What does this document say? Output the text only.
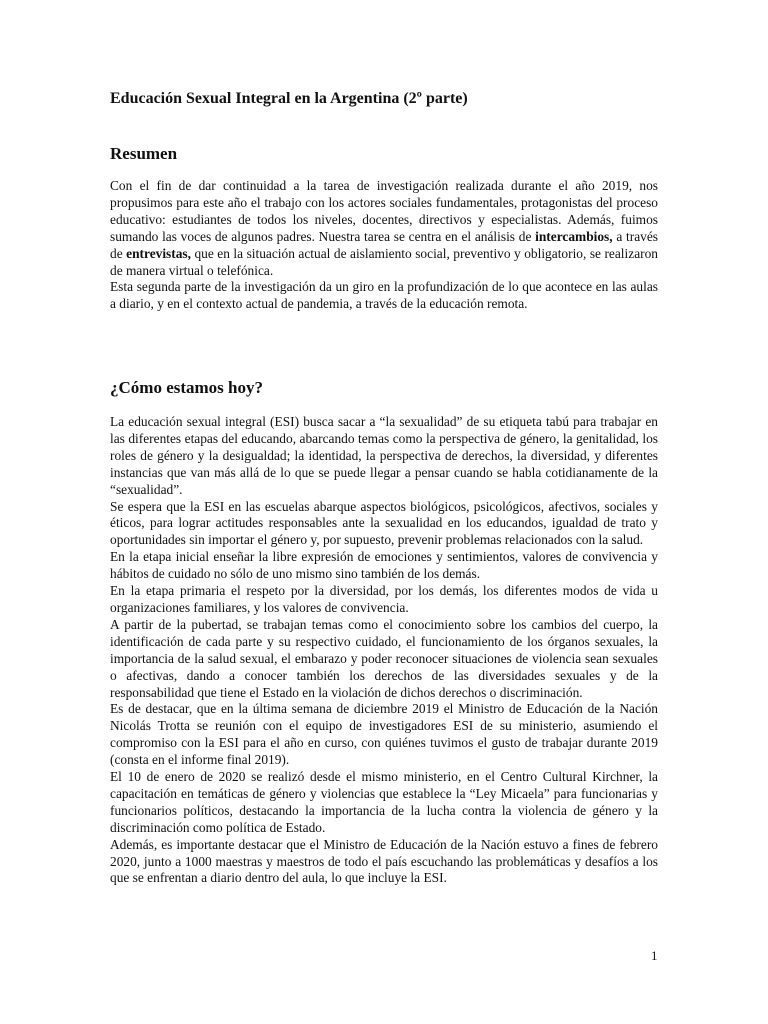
Educación Sexual Integral en la Argentina (2º parte)
Resumen

Con el fin de dar continuidad a la tarea de investigación realizada durante el año 2019, nos propusimos para este año el trabajo con los actores sociales fundamentales, protagonistas del proceso educativo: estudiantes de todos los niveles, docentes, directivos y especialistas. Además, fuimos sumando las voces de algunos padres. Nuestra tarea se centra en el análisis de intercambios, a través de entrevistas, que en la situación actual de aislamiento social, preventivo y obligatorio, se realizaron de manera virtual o telefónica.

Esta segunda parte de la investigación da un giro en la profundización de lo que acontece en las aulas a diario, y en el contexto actual de pandemia, a través de la educación remota.

¿Cómo estamos hoy?

La educación sexual integral (ESI) busca sacar a “la sexualidad” de su etiqueta tabú para trabajar en las diferentes etapas del educando, abarcando temas como la perspectiva de género, la genitalidad, los roles de género y la desigualdad; la identidad, la perspectiva de derechos, la diversidad, y diferentes instancias que van más allá de lo que se puede llegar a pensar cuando se habla cotidianamente de la “sexualidad”.

Se espera que la ESI en las escuelas abarque aspectos biológicos, psicológicos, afectivos, sociales y éticos, para lograr actitudes responsables ante la sexualidad en los educandos, igualdad de trato y oportunidades sin importar el género y, por supuesto, prevenir problemas relacionados con la salud.

En la etapa inicial enseñar la libre expresión de emociones y sentimientos, valores de convivencia y hábitos de cuidado no sólo de uno mismo sino también de los demás.

En la etapa primaria el respeto por la diversidad, por los demás, los diferentes modos de vida u organizaciones familiares, y los valores de convivencia.

A partir de la pubertad, se trabajan temas como el conocimiento sobre los cambios del cuerpo, la identificación de cada parte y su respectivo cuidado, el funcionamiento de los órganos sexuales, la importancia de la salud sexual, el embarazo y poder reconocer situaciones de violencia sean sexuales o afectivas, dando a conocer también los derechos de las diversidades sexuales y de la responsabilidad que tiene el Estado en la violación de dichos derechos o discriminación.

Es de destacar, que en la última semana de diciembre 2019 el Ministro de Educación de la Nación Nicolás Trotta se reunión con el equipo de investigadores ESI de su ministerio, asumiendo el compromiso con la ESI para el año en curso, con quiénes tuvimos el gusto de trabajar durante 2019 (consta en el informe final 2019).

El 10 de enero de 2020 se realizó desde el mismo ministerio, en el Centro Cultural Kirchner, la capacitación en temáticas de género y violencias que establece la “Ley Micaela” para funcionarias y funcionarios políticos, destacando la importancia de la lucha contra la violencia de género y la discriminación como política de Estado.

Además, es importante destacar que el Ministro de Educación de la Nación estuvo a fines de febrero 2020, junto a 1000 maestras y maestros de todo el país escuchando las problemáticas y desafíos a los que se enfrentan a diario dentro del aula, lo que incluye la ESI.

1
